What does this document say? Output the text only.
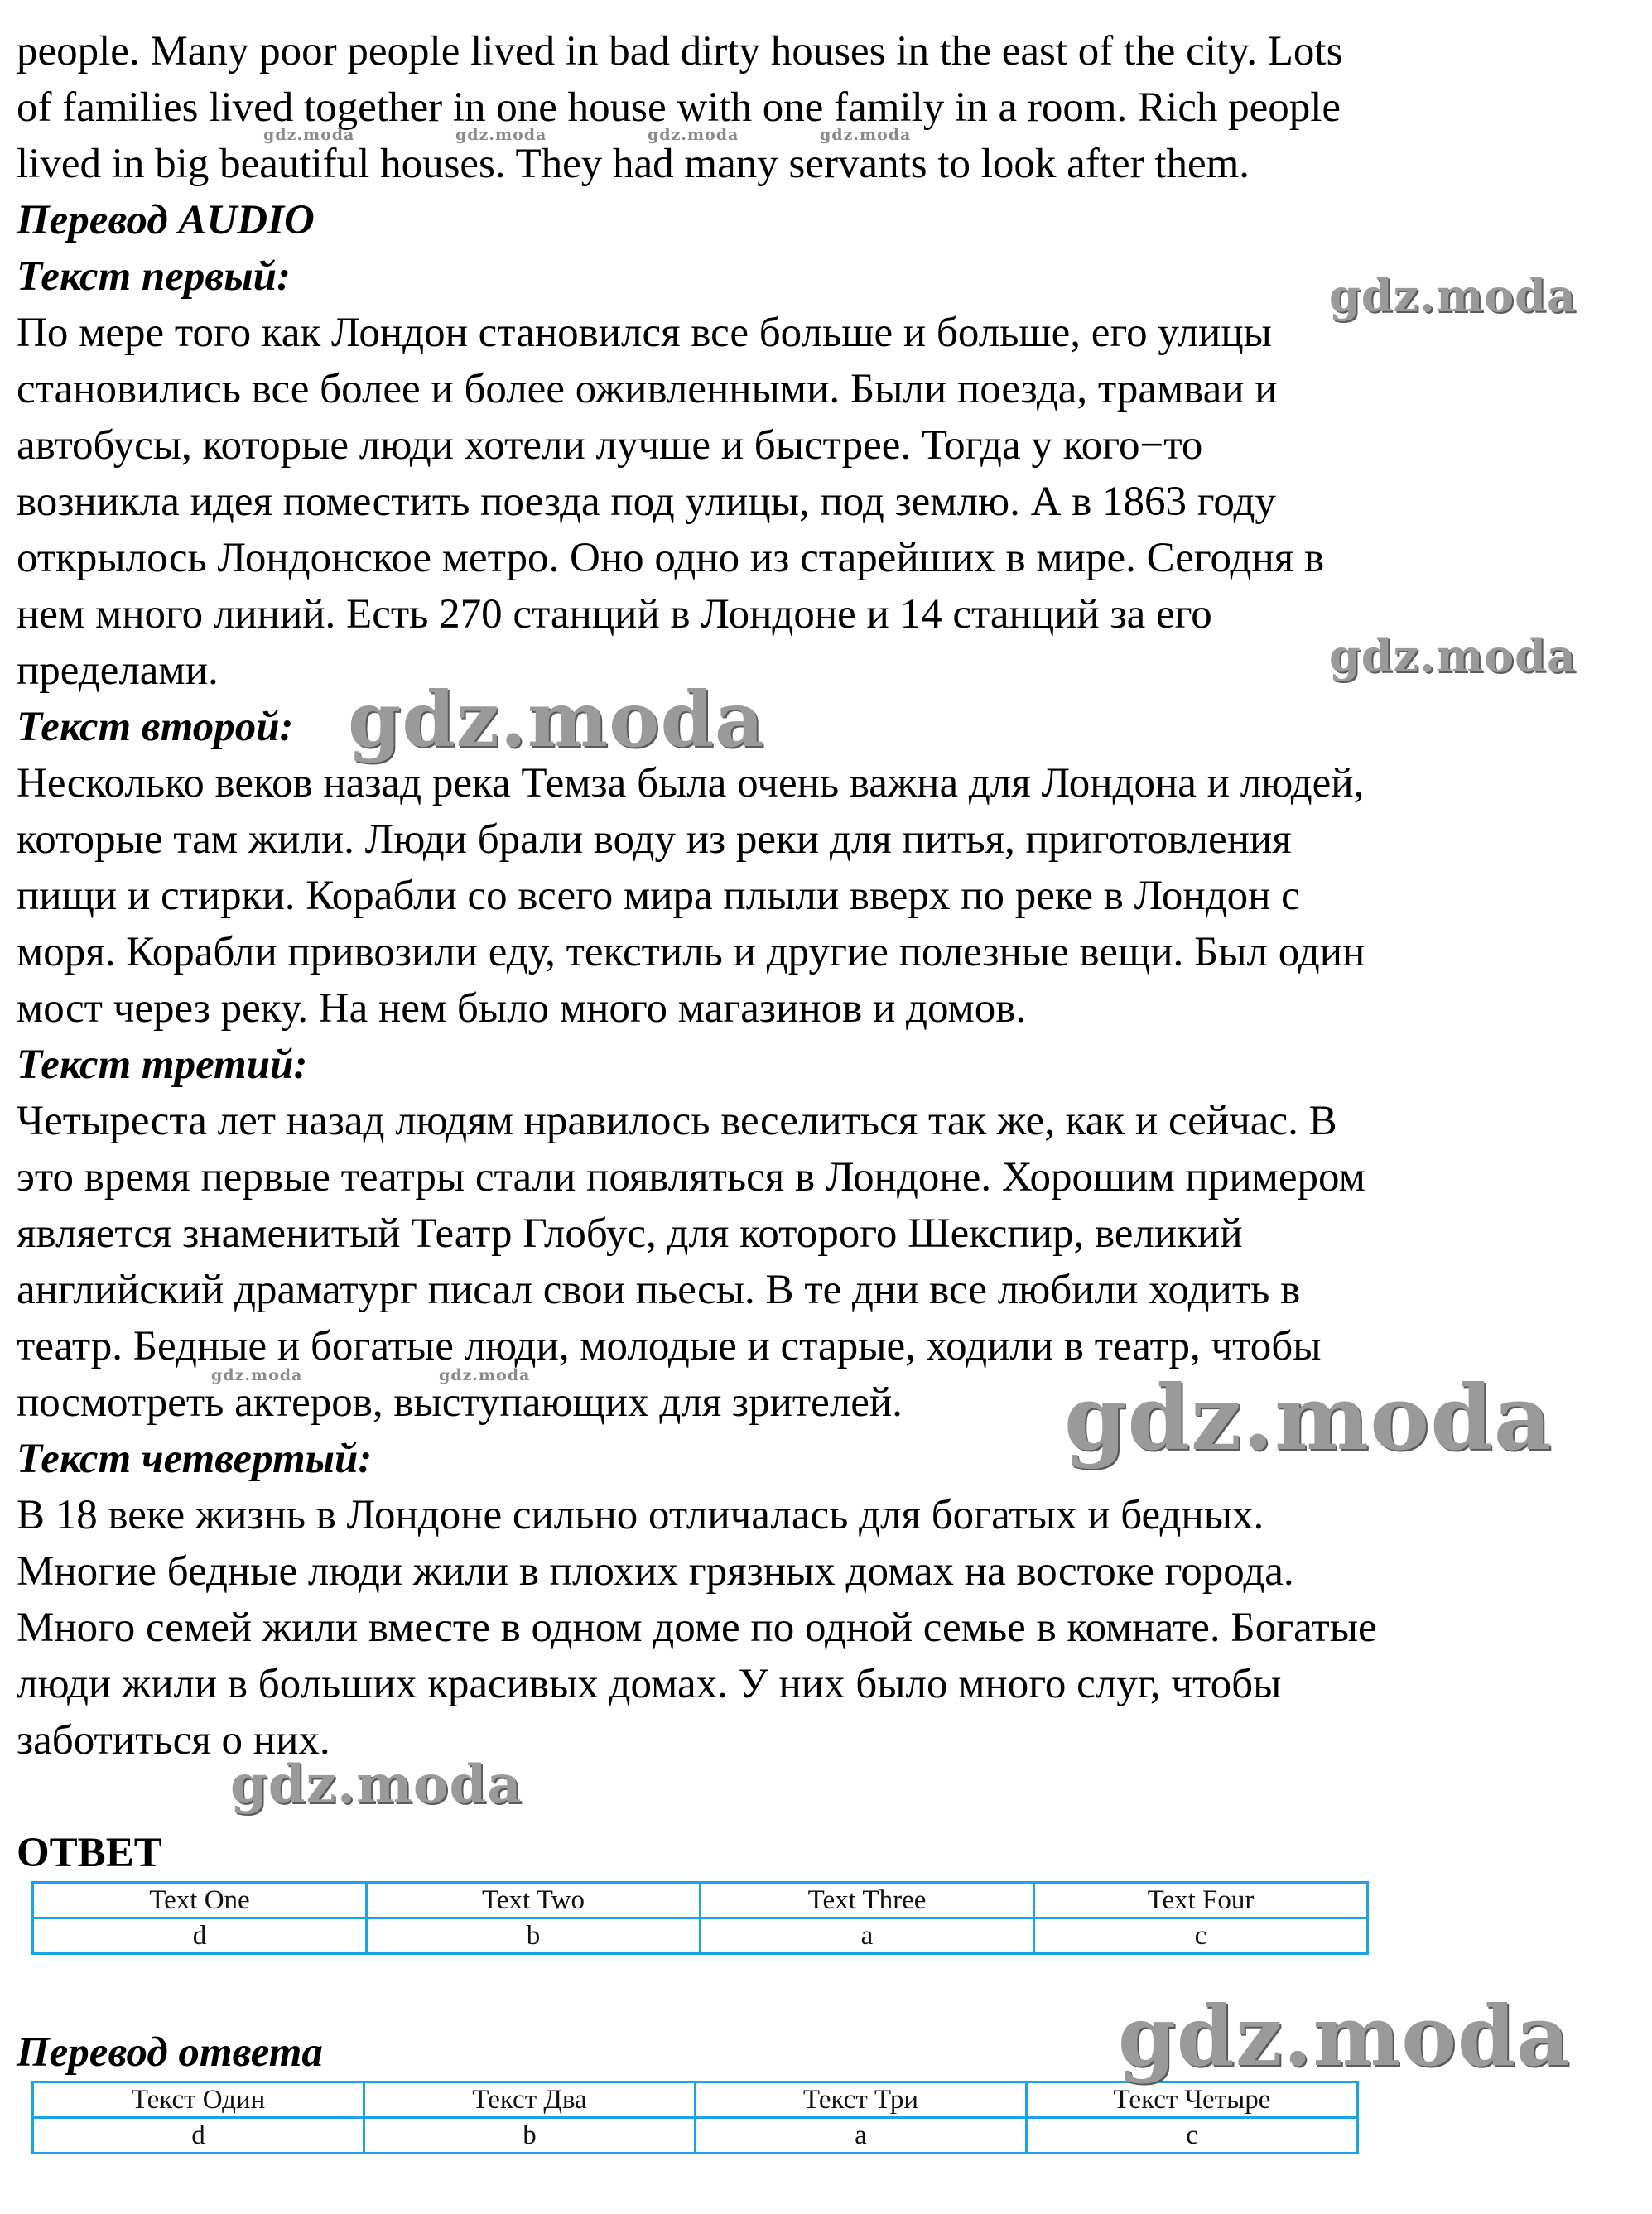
people. Many poor people lived in bad dirty houses in the east of the city. Lots

of families lived together in one house with one family in a room. Rich people

lived in big beautiful houses. They had many servants to look after them.

Перевод AUDIO

Текст первый:

По мере того как Лондон становился все больше и больше, его улицы

становились все более и более оживленными. Были поезда, трамваи и

автобусы, которые люди хотели лучше и быстрее. Тогда у кого−то

возникла идея поместить поезда под улицы, под землю. А в 1863 году

открылось Лондонское метро. Оно одно из старейших в мире. Сегодня в

нем много линий. Есть 270 станций в Лондоне и 14 станций за его

пределами.

Текст второй:

Несколько веков назад река Темза была очень важна для Лондона и людей,

которые там жили. Люди брали воду из реки для питья, приготовления

пищи и стирки. Корабли со всего мира плыли вверх по реке в Лондон с

моря. Корабли привозили еду, текстиль и другие полезные вещи. Был один

мост через реку. На нем было много магазинов и домов.

Текст третий:

Четыреста лет назад людям нравилось веселиться так же, как и сейчас. В

это время первые театры стали появляться в Лондоне. Хорошим примером

является знаменитый Театр Глобус, для которого Шекспир, великий

английский драматург писал свои пьесы. В те дни все любили ходить в

театр. Бедные и богатые люди, молодые и старые, ходили в театр, чтобы

посмотреть актеров, выступающих для зрителей.

Текст четвертый:

В 18 веке жизнь в Лондоне сильно отличалась для богатых и бедных.

Многие бедные люди жили в плохих грязных домах на востоке города.

Много семей жили вместе в одном доме по одной семье в комнате. Богатые

люди жили в больших красивых домах. У них было много слуг, чтобы

заботиться о них.

ОТВЕТ

Text One	Text Two	Text Three	Text Four
d	b	a	c

Перевод ответа

Текст Один	Текст Два	Текст Три	Текст Четыре
d	b	a	c
gdz.moda	gdz.moda	gdz.moda	gdz.moda
gdz.moda
gdz.moda
gdz.moda
gdz.moda	gdz.moda	gdz.moda
gdz.moda
gdz.moda
